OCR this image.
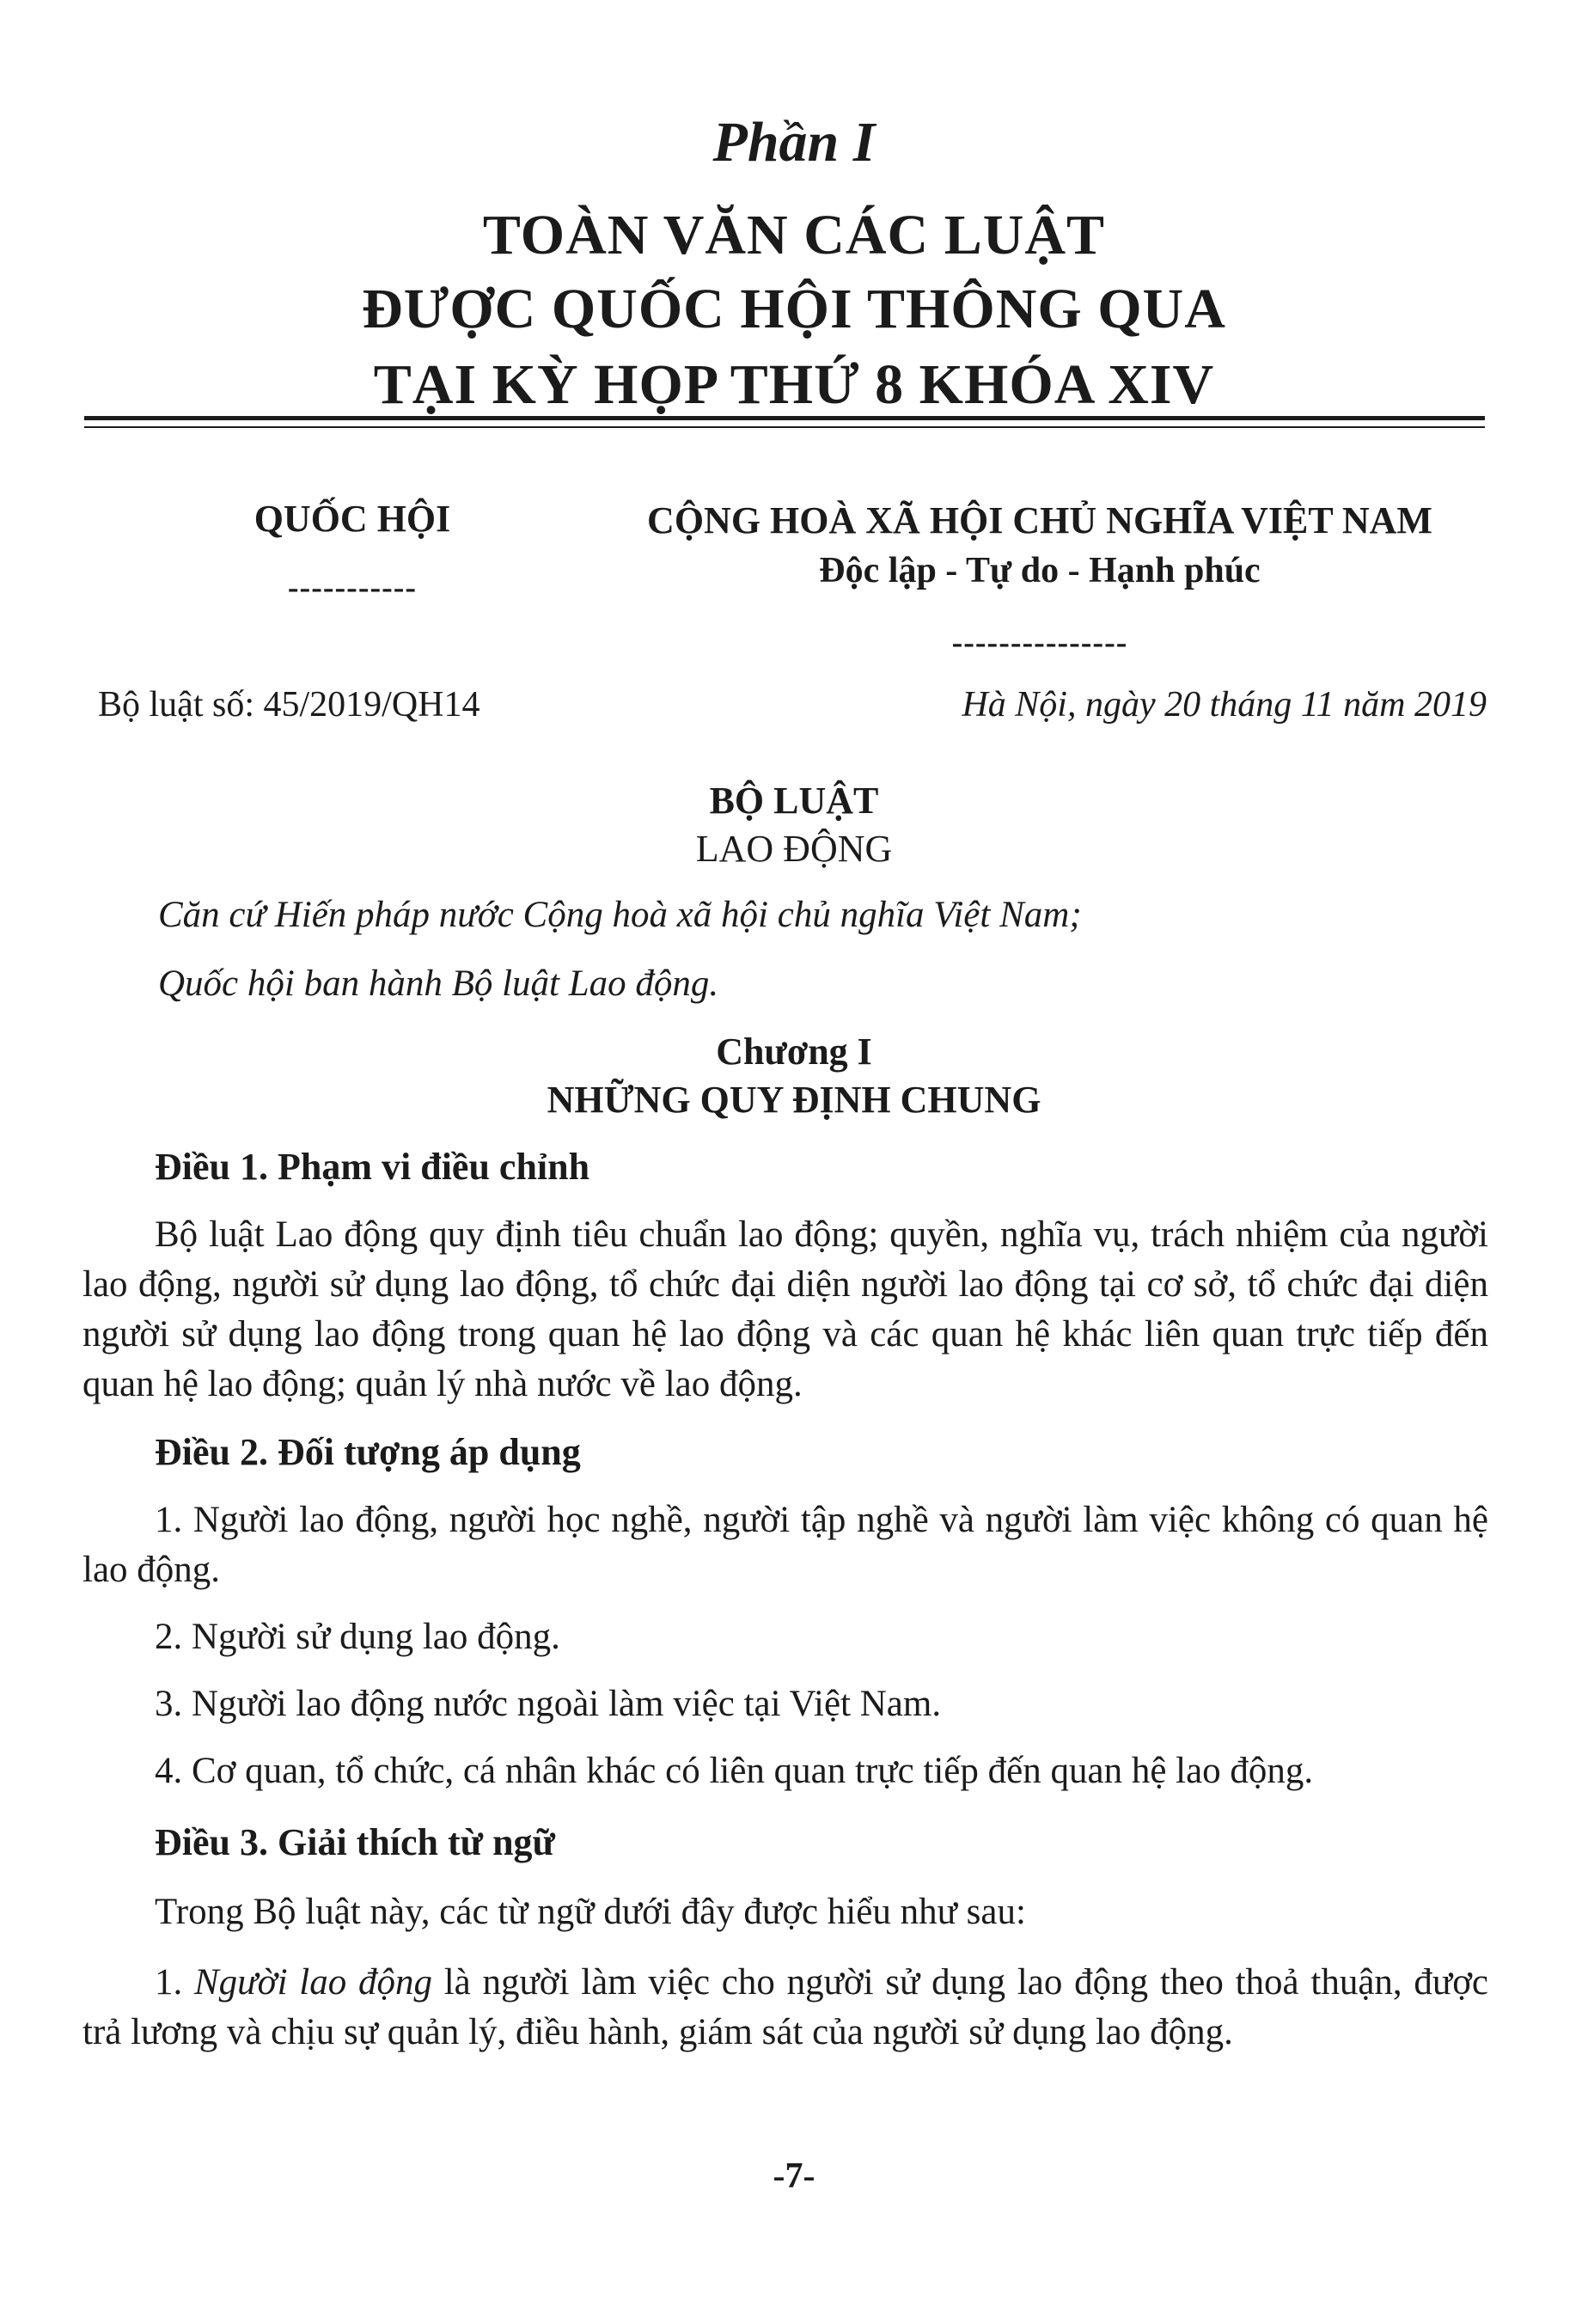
Phần I
TOÀN VĂN CÁC LUẬT
ĐƯỢC QUỐC HỘI THÔNG QUA
TẠI KỲ HỌP THỨ 8 KHÓA XIV
QUỐC HỘI
-----------
CỘNG HOÀ XÃ HỘI CHỦ NGHĨA VIỆT NAM
Độc lập - Tự do - Hạnh phúc
---------------
Bộ luật số: 45/2019/QH14	Hà Nội, ngày 20 tháng 11 năm 2019
BỘ LUẬT
LAO ĐỘNG
Căn cứ Hiến pháp nước Cộng hoà xã hội chủ nghĩa Việt Nam;
Quốc hội ban hành Bộ luật Lao động.
Chương I
NHỮNG QUY ĐỊNH CHUNG
Điều 1. Phạm vi điều chỉnh
Bộ luật Lao động quy định tiêu chuẩn lao động; quyền, nghĩa vụ, trách nhiệm của người lao động, người sử dụng lao động, tổ chức đại diện người lao động tại cơ sở, tổ chức đại diện người sử dụng lao động trong quan hệ lao động và các quan hệ khác liên quan trực tiếp đến quan hệ lao động; quản lý nhà nước về lao động.
Điều 2. Đối tượng áp dụng
1. Người lao động, người học nghề, người tập nghề và người làm việc không có quan hệ lao động.
2. Người sử dụng lao động.
3. Người lao động nước ngoài làm việc tại Việt Nam.
4. Cơ quan, tổ chức, cá nhân khác có liên quan trực tiếp đến quan hệ lao động.
Điều 3. Giải thích từ ngữ
Trong Bộ luật này, các từ ngữ dưới đây được hiểu như sau:
1. Người lao động là người làm việc cho người sử dụng lao động theo thoả thuận, được trả lương và chịu sự quản lý, điều hành, giám sát của người sử dụng lao động.
-7-
